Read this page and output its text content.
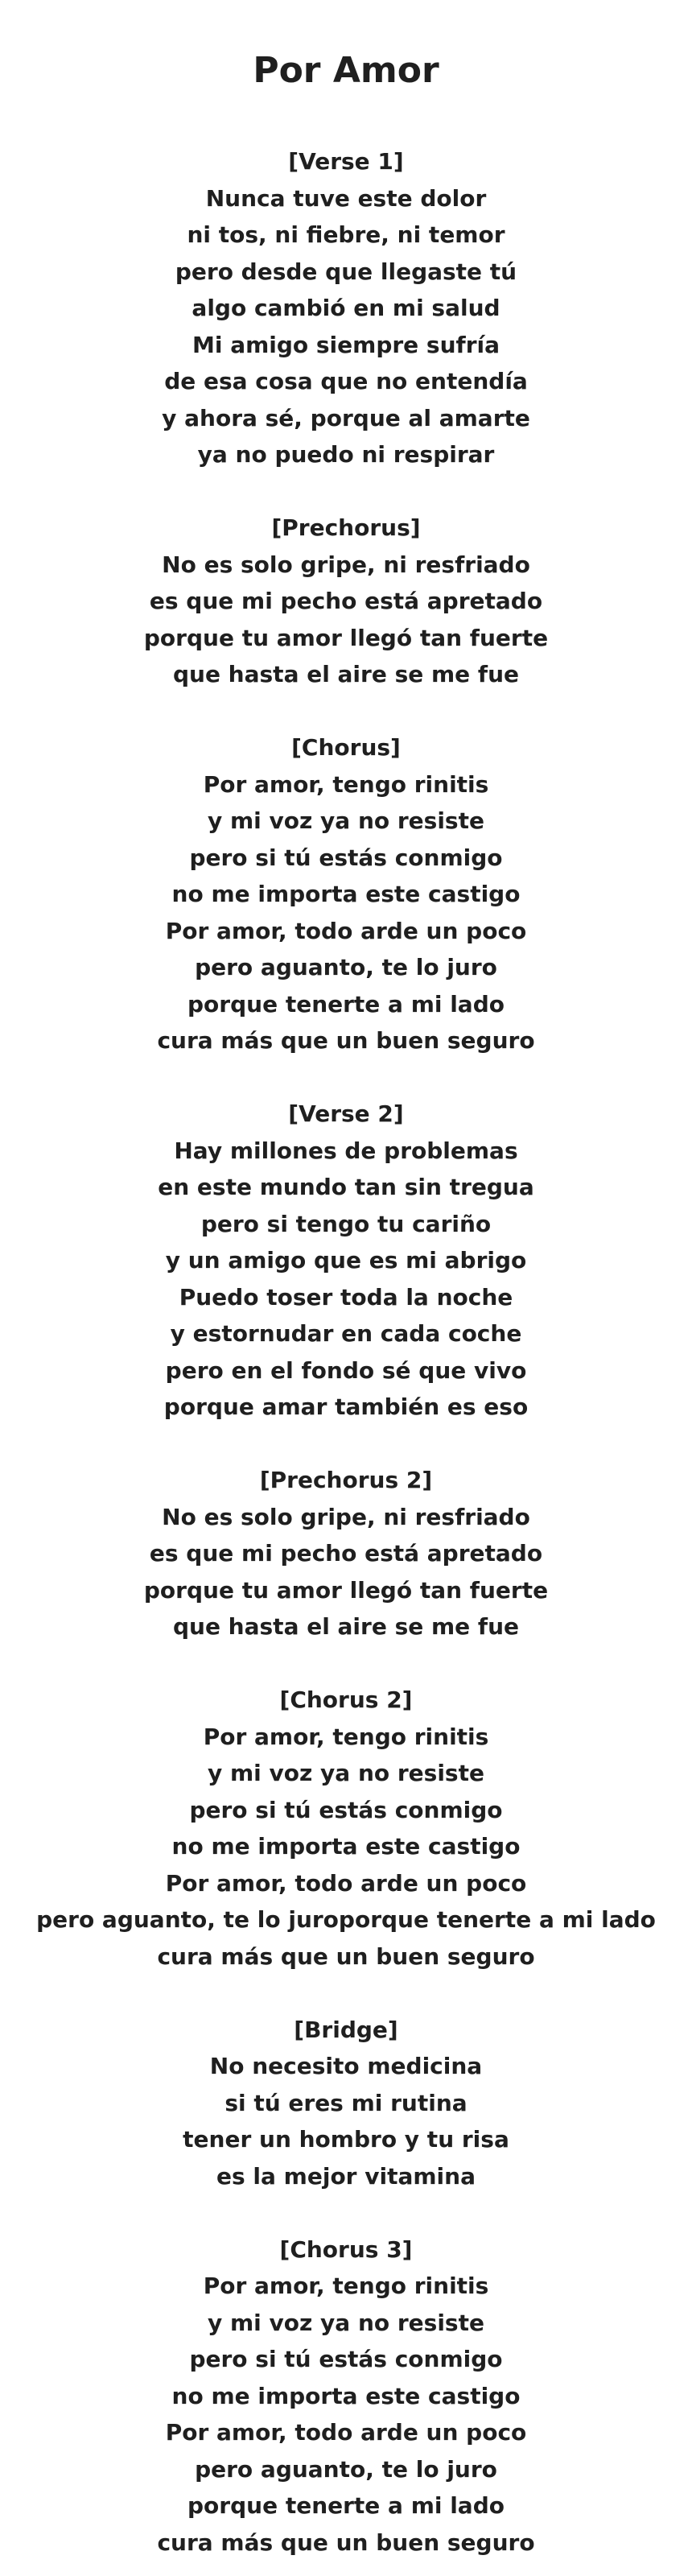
Por Amor

[Verse 1]

Nunca tuve este dolor

ni tos, ni fiebre, ni temor

pero desde que llegaste tú

algo cambió en mi salud

Mi amigo siempre sufría

de esa cosa que no entendía

y ahora sé, porque al amarte

ya no puedo ni respirar

[Prechorus]

No es solo gripe, ni resfriado

es que mi pecho está apretado

porque tu amor llegó tan fuerte

que hasta el aire se me fue

[Chorus]

Por amor, tengo rinitis

y mi voz ya no resiste

pero si tú estás conmigo

no me importa este castigo

Por amor, todo arde un poco

pero aguanto, te lo juro

porque tenerte a mi lado

cura más que un buen seguro

[Verse 2]

Hay millones de problemas

en este mundo tan sin tregua

pero si tengo tu cariño

y un amigo que es mi abrigo

Puedo toser toda la noche

y estornudar en cada coche

pero en el fondo sé que vivo

porque amar también es eso

[Prechorus 2]

No es solo gripe, ni resfriado

es que mi pecho está apretado

porque tu amor llegó tan fuerte

que hasta el aire se me fue

[Chorus 2]

Por amor, tengo rinitis

y mi voz ya no resiste

pero si tú estás conmigo

no me importa este castigo

Por amor, todo arde un poco

pero aguanto, te lo juroporque tenerte a mi lado

cura más que un buen seguro

[Bridge]

No necesito medicina

si tú eres mi rutina

tener un hombro y tu risa

es la mejor vitamina

[Chorus 3]

Por amor, tengo rinitis

y mi voz ya no resiste

pero si tú estás conmigo

no me importa este castigo

Por amor, todo arde un poco

pero aguanto, te lo juro

porque tenerte a mi lado

cura más que un buen seguro
